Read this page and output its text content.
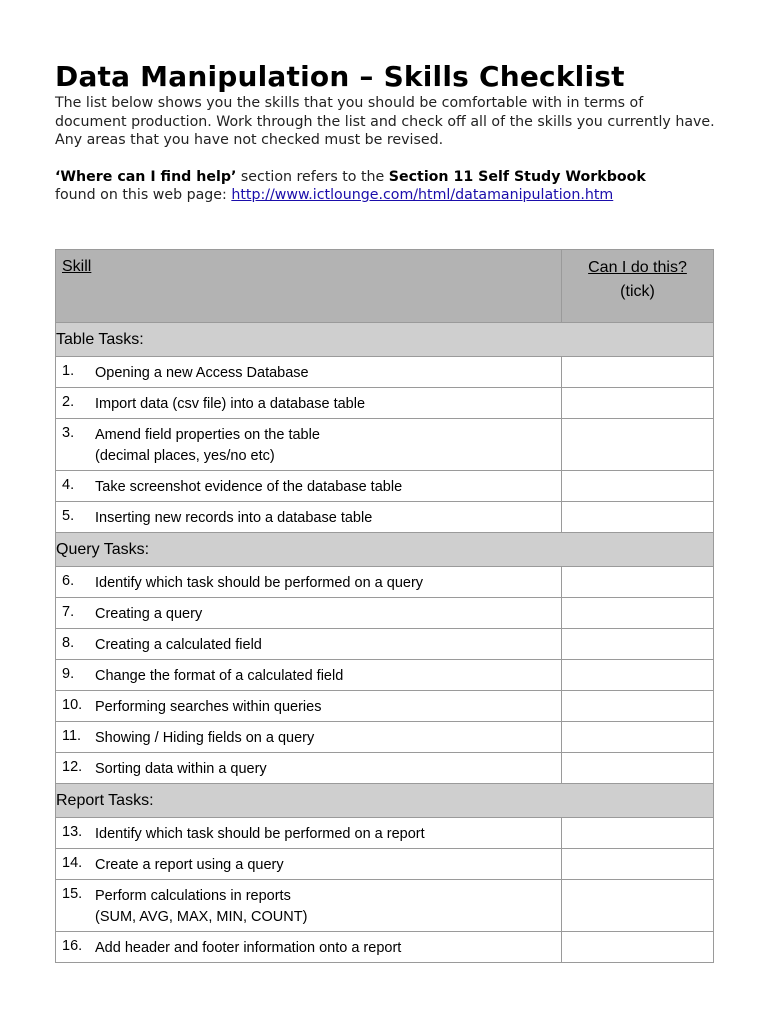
Data Manipulation – Skills Checklist
The list below shows you the skills that you should be comfortable with in terms of document production. Work through the list and check off all of the skills you currently have. Any areas that you have not checked must be revised.
‘Where can I find help’ section refers to the Section 11 Self Study Workbook
found on this web page: http://www.ictlounge.com/html/datamanipulation.htm
Skill	Can I do this?
(tick)
Table Tasks:	
1. Opening a new Access Database	
2. Import data (csv file) into a database table	
3. Amend field properties on the table
(decimal places, yes/no etc)	
4. Take screenshot evidence of the database table	
5. Inserting new records into a database table	
Query Tasks:	
6. Identify which task should be performed on a query	
7. Creating a query	
8. Creating a calculated field	
9. Change the format of a calculated field	
10. Performing searches within queries	
11. Showing / Hiding fields on a query	
12. Sorting data within a query	
Report Tasks:	
13. Identify which task should be performed on a report	
14. Create a report using a query	
15. Perform calculations in reports
(SUM, AVG, MAX, MIN, COUNT)	
16. Add header and footer information onto a report	
